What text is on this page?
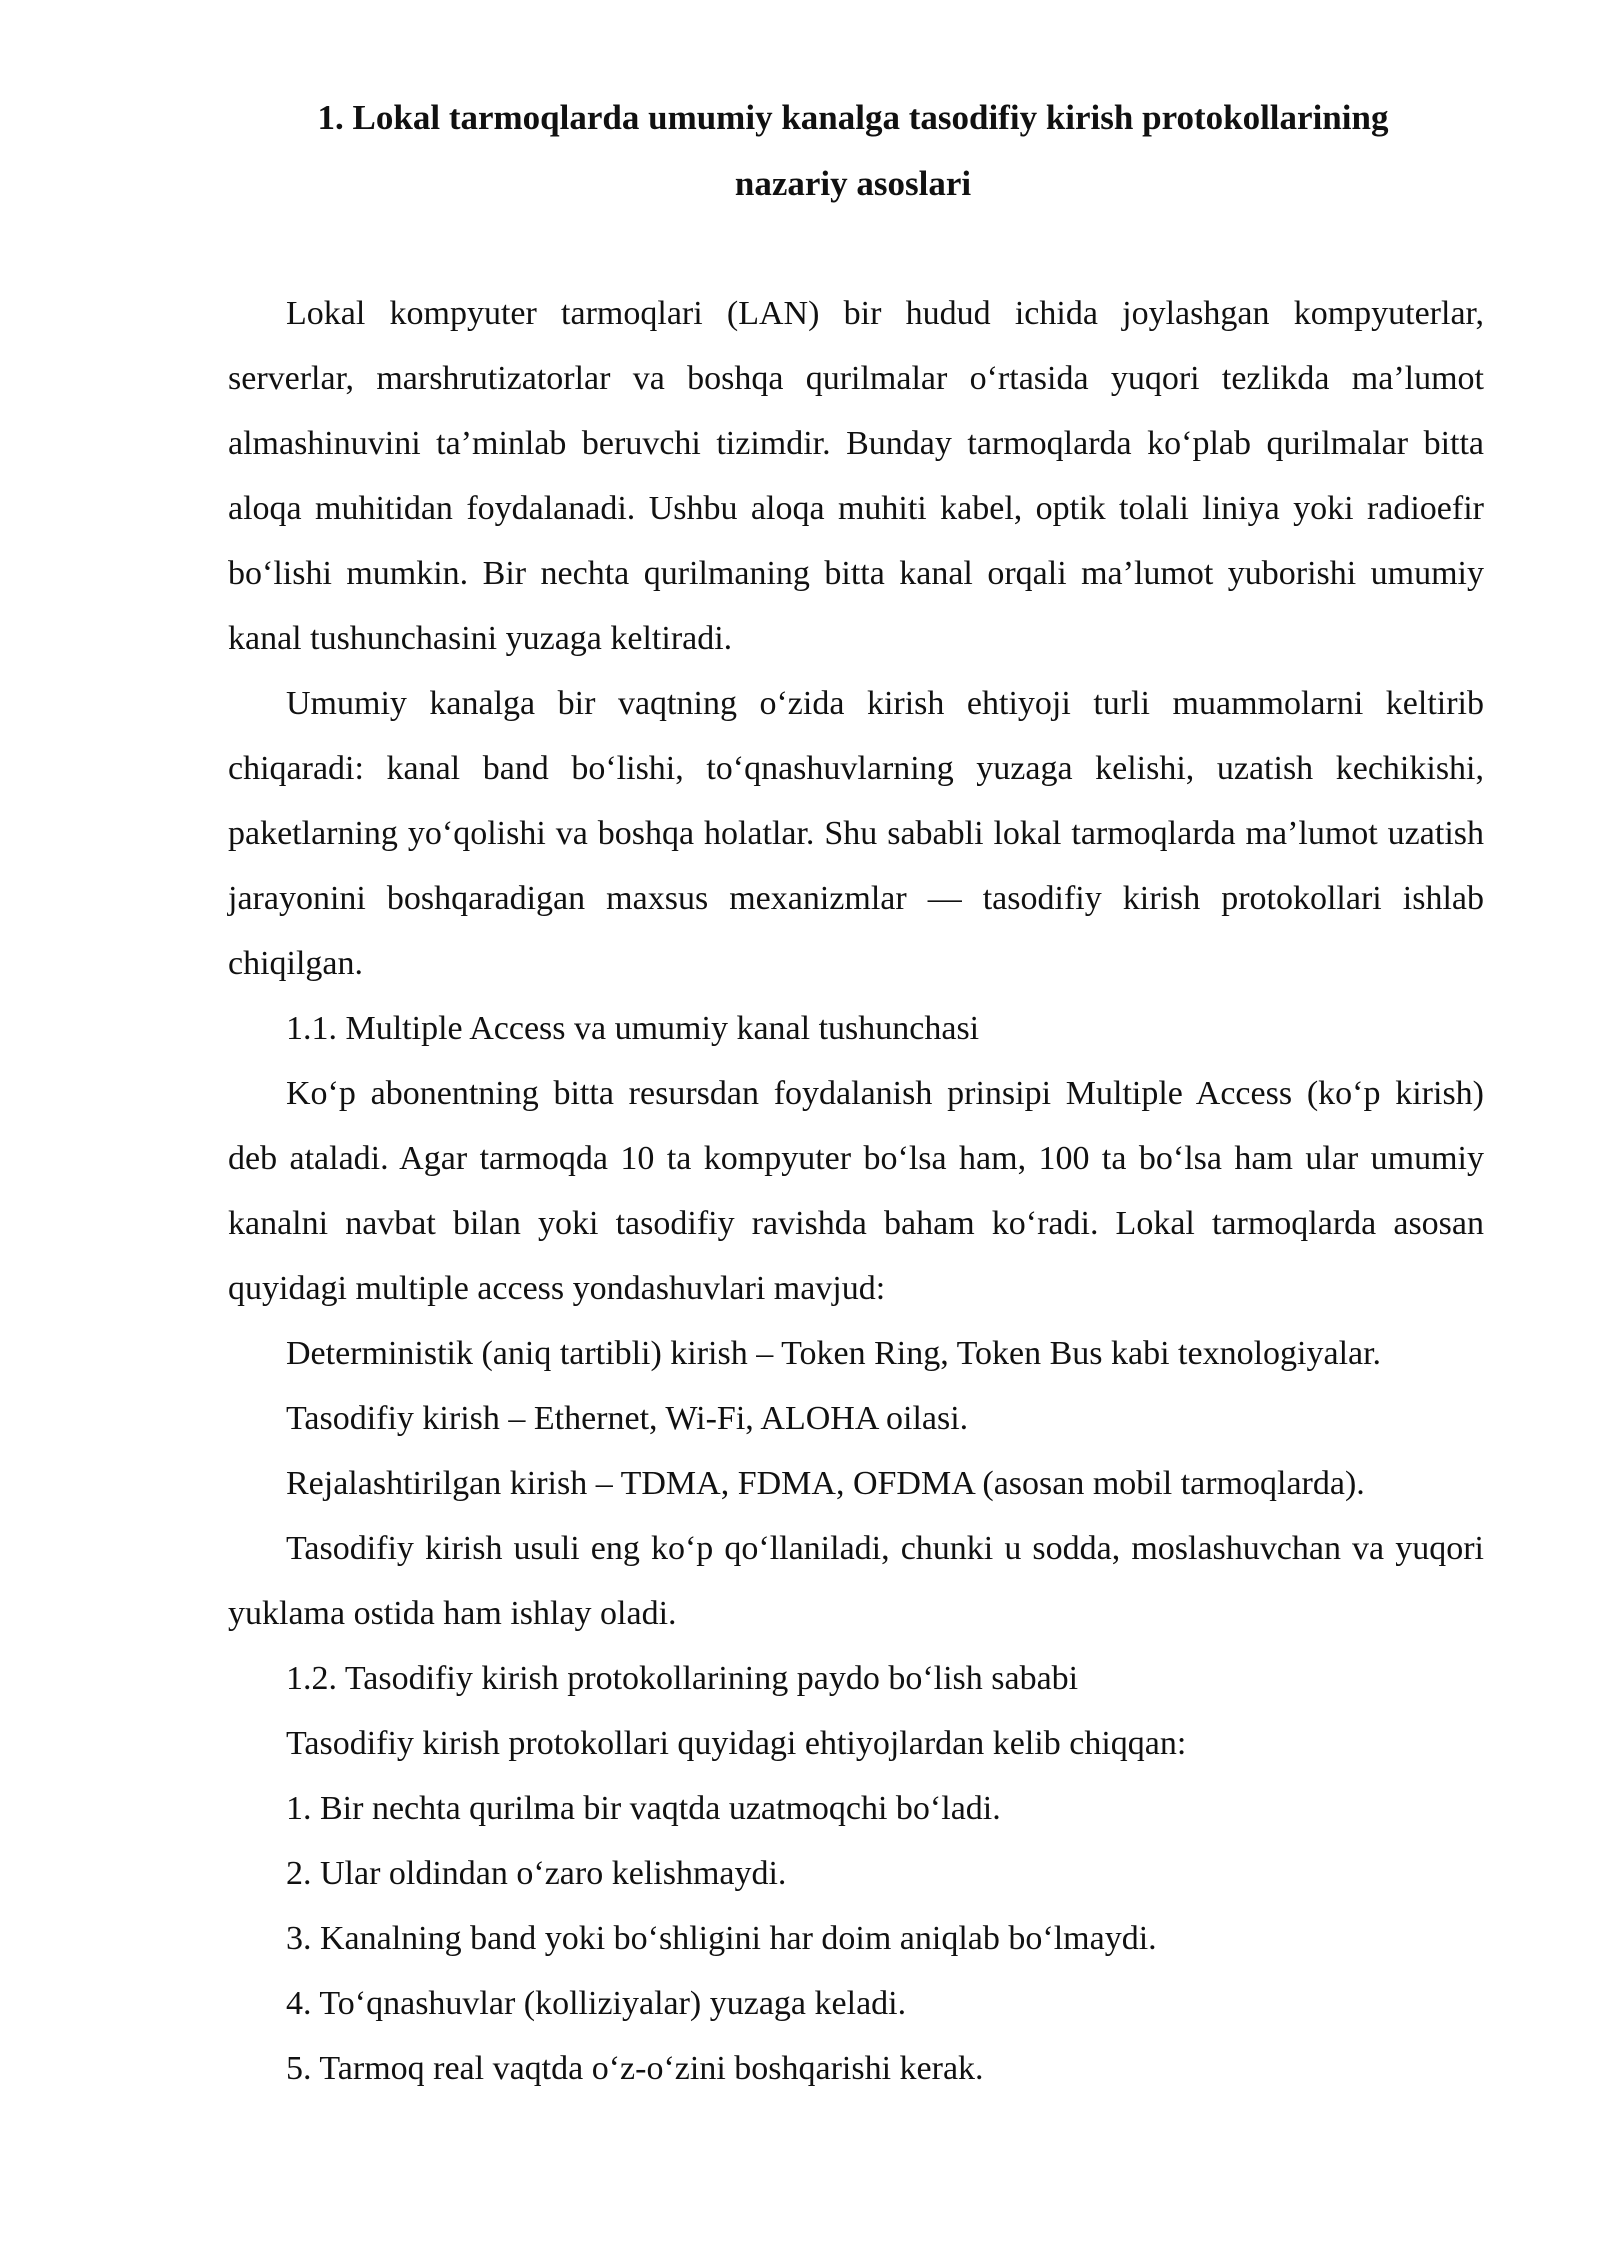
1. Lokal tarmoqlarda umumiy kanalga tasodifiy kirish protokollarining
nazariy asoslari

Lokal kompyuter tarmoqlari (LAN) bir hudud ichida joylashgan kompyuterlar, serverlar, marshrutizatorlar va boshqa qurilmalar o‘rtasida yuqori tezlikda ma’lumot almashinuvini ta’minlab beruvchi tizimdir. Bunday tarmoqlarda ko‘plab qurilmalar bitta aloqa muhitidan foydalanadi. Ushbu aloqa muhiti kabel, optik tolali liniya yoki radioefir bo‘lishi mumkin. Bir nechta qurilmaning bitta kanal orqali ma’lumot yuborishi umumiy kanal tushunchasini yuzaga keltiradi.

Umumiy kanalga bir vaqtning o‘zida kirish ehtiyoji turli muammolarni keltirib chiqaradi: kanal band bo‘lishi, to‘qnashuvlarning yuzaga kelishi, uzatish kechikishi, paketlarning yo‘qolishi va boshqa holatlar. Shu sababli lokal tarmoqlarda ma’lumot uzatish jarayonini boshqaradigan maxsus mexanizmlar — tasodifiy kirish protokollari ishlab chiqilgan.

1.1. Multiple Access va umumiy kanal tushunchasi

Ko‘p abonentning bitta resursdan foydalanish prinsipi Multiple Access (ko‘p kirish) deb ataladi. Agar tarmoqda 10 ta kompyuter bo‘lsa ham, 100 ta bo‘lsa ham ular umumiy kanalni navbat bilan yoki tasodifiy ravishda baham ko‘radi. Lokal tarmoqlarda asosan quyidagi multiple access yondashuvlari mavjud:

Deterministik (aniq tartibli) kirish – Token Ring, Token Bus kabi texnologiyalar.

Tasodifiy kirish – Ethernet, Wi-Fi, ALOHA oilasi.

Rejalashtirilgan kirish – TDMA, FDMA, OFDMA (asosan mobil tarmoqlarda).

Tasodifiy kirish usuli eng ko‘p qo‘llaniladi, chunki u sodda, moslashuvchan va yuqori yuklama ostida ham ishlay oladi.

1.2. Tasodifiy kirish protokollarining paydo bo‘lish sababi

Tasodifiy kirish protokollari quyidagi ehtiyojlardan kelib chiqqan:

1. Bir nechta qurilma bir vaqtda uzatmoqchi bo‘ladi.

2. Ular oldindan o‘zaro kelishmaydi.

3. Kanalning band yoki bo‘shligini har doim aniqlab bo‘lmaydi.

4. To‘qnashuvlar (kolliziyalar) yuzaga keladi.

5. Tarmoq real vaqtda o‘z-o‘zini boshqarishi kerak.
